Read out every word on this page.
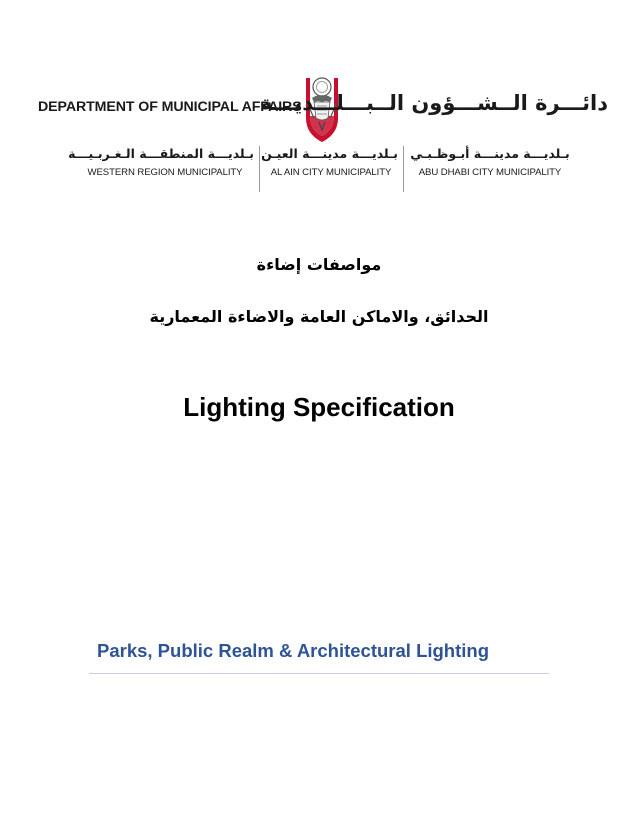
DEPARTMENT OF MUNICIPAL AFFAIRS
دائـــرة الــشـــؤون الــبـــلـــديـــة
بـلديـــة المنطقـــة الـغـربـيـــة
WESTERN REGION MUNICIPALITY
بـلديـــة مدينـــة العيـن
AL AIN CITY MUNICIPALITY
بـلديـــة مدينـــة أبـوظـبـي
ABU DHABI CITY MUNICIPALITY
مواصفات إضاءة
الحدائق، والاماكن العامة والاضاءة المعمارية
Lighting Specification
Parks, Public Realm & Architectural Lighting
